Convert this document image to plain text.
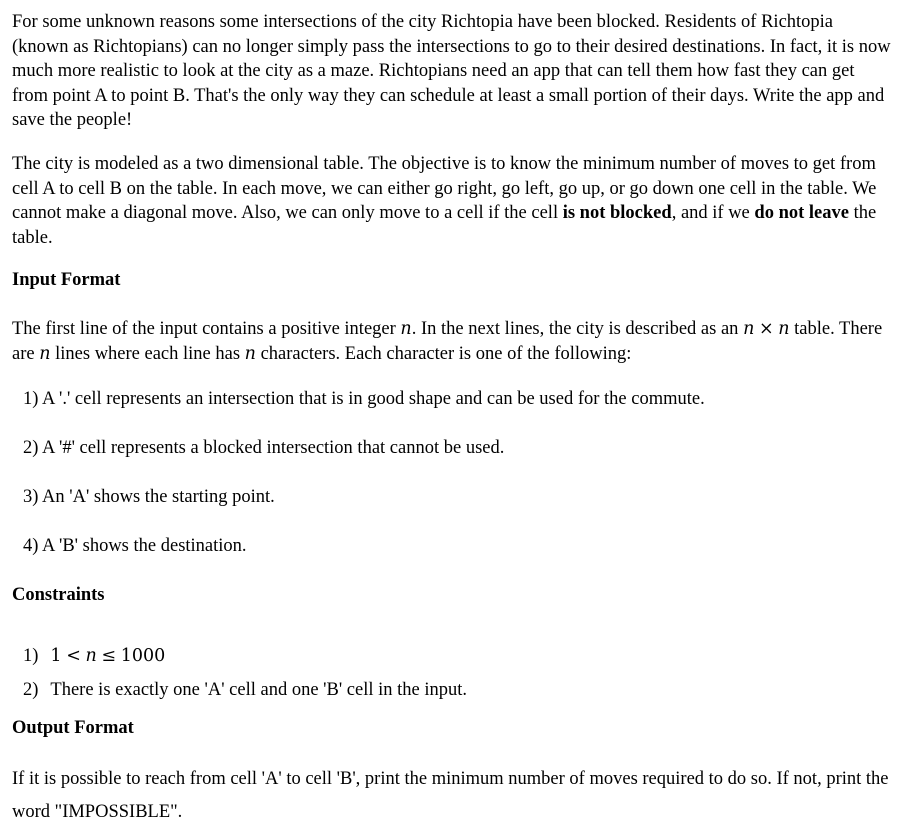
For some unknown reasons some intersections of the city Richtopia have been blocked. Residents of Richtopia (known as Richtopians) can no longer simply pass the intersections to go to their desired destinations. In fact, it is now much more realistic to look at the city as a maze. Richtopians need an app that can tell them how fast they can get from point A to point B. That's the only way they can schedule at least a small portion of their days. Write the app and save the people!

The city is modeled as a two dimensional table. The objective is to know the minimum number of moves to get from cell A to cell B on the table. In each move, we can either go right, go left, go up, or go down one cell in the table. We cannot make a diagonal move. Also, we can only move to a cell if the cell is not blocked, and if we do not leave the table.

Input Format

The first line of the input contains a positive integer n. In the next lines, the city is described as an n × n table. There are n lines where each line has n characters. Each character is one of the following:

1) A '.' cell represents an intersection that is in good shape and can be used for the commute.
2) A '#' cell represents a blocked intersection that cannot be used.
3) An 'A' shows the starting point.
4) A 'B' shows the destination.
Constraints
1) 1 < n ≤ 1000
2) There is exactly one 'A' cell and one 'B' cell in the input.
Output Format

If it is possible to reach from cell 'A' to cell 'B', print the minimum number of moves required to do so. If not, print the word "IMPOSSIBLE".
